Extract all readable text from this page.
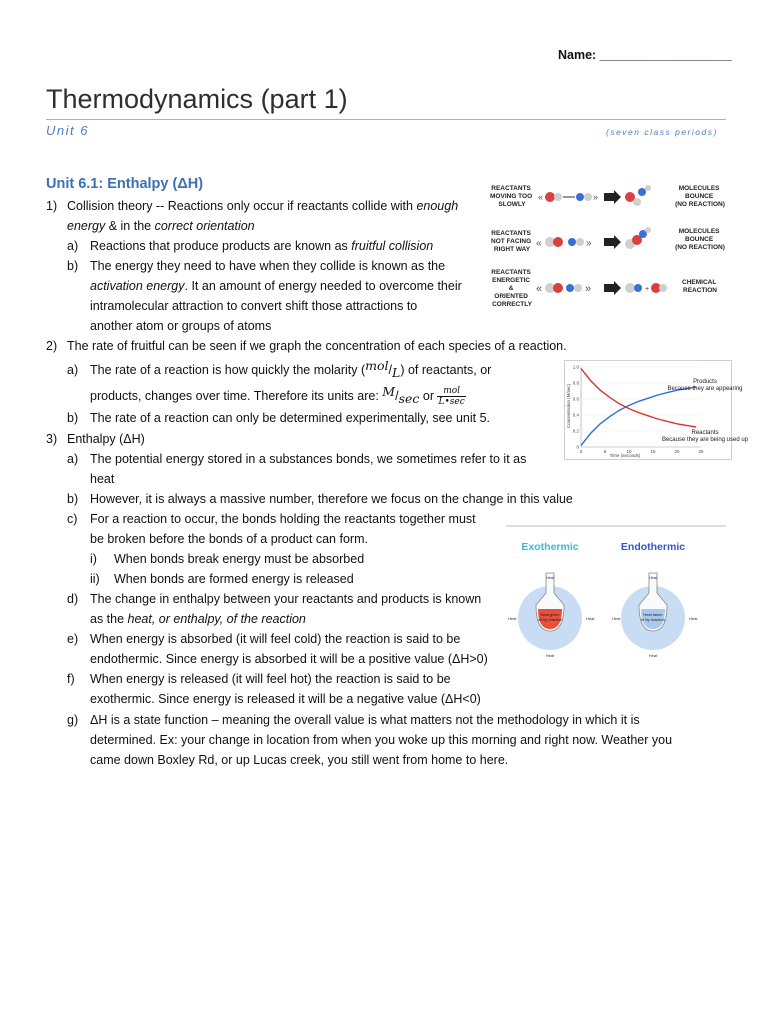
Name: ___________________
Thermodynamics (part 1)
Unit 6	(seven class periods)
Unit 6.1: Enthalpy (ΔH)
1) Collision theory -- Reactions only occur if reactants collide with enough
energy & in the correct orientation
a) Reactions that produce products are known as fruitful collision
b) The energy they need to have when they collide is known as the
activation energy. It an amount of energy needed to overcome their
intramolecular attraction to convert shift those attractions to
another atom or groups of atoms
2) The rate of fruitful can be seen if we graph the concentration of each species of a reaction.
a) The rate of a reaction is how quickly the molarity (mol/L) of reactants, or
products, changes over time. Therefore its units are: M/sec or $\frac{\text{mol}}{L•\sec}$
b) The rate of a reaction can only be determined experimentally, see unit 5.
3) Enthalpy (ΔH)
a) The potential energy stored in a substances bonds, we sometimes refer to it as
heat
b) However, it is always a massive number, therefore we focus on the change in this value
c) For a reaction to occur, the bonds holding the reactants together must
be broken before the bonds of a product can form.
i) When bonds break energy must be absorbed
ii) When bonds are formed energy is released
d) The change in enthalpy between your reactants and products is known
as the heat, or enthalpy, of the reaction
e) When energy is absorbed (it will feel cold) the reaction is said to be
endothermic. Since energy is absorbed it will be a positive value (ΔH>0)
f) When energy is released (it will feel hot) the reaction is said to be
exothermic. Since energy is released it will be a negative value (ΔH<0)
g) ΔH is a state function – meaning the overall value is what matters not the methodology in which it is
determined. Ex: your change in location from when you woke up this morning and right now. Weather you
came down Boxley Rd, or up Lucas creek, you still went from home to here.
REACTANTS MOVING TOO SLOWLY
«	»
MOLECULES BOUNCE (NO REACTION)
REACTANTS NOT FACING RIGHT WAY
«	»
MOLECULES BOUNCE (NO REACTION)
REACTANTS ENERGETIC & ORIENTED CORRECTLY
«	»	+
CHEMICAL REACTION
0
0.2
0.4
0.6
0.8
1.0
0	5	10	15	20	25
Time (seconds)
Concentration (M/sec)
Products
Because they are appearing
Reactants
Because they are being used up
Exothermic	Endothermic
Heat given
off by reaction
Heat
Heat	Heat
Heat
Heat taken
in by reaction
Heat
Heat	Heat
Heat
